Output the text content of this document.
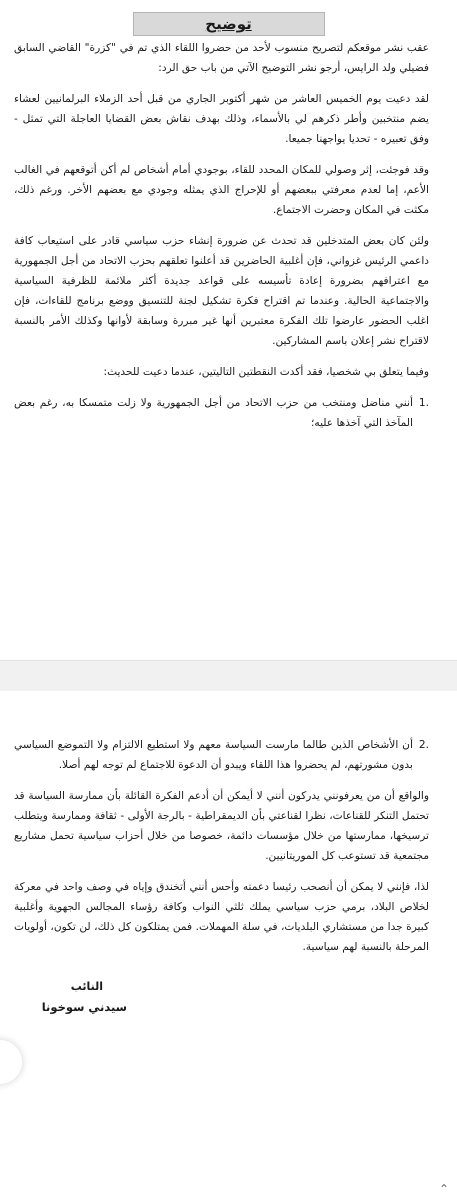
توضيح

عقب نشر موقعكم لتصريح منسوب لأحد من حضروا اللقاء الذي تم في "كزرة" القاضي السابق فضيلي ولد الرايس، أرجو نشر التوضيح الآتي من باب حق الرد:

لقد دعيت يوم الخميس العاشر من شهر أكتوبر الجاري من قبل أحد الزملاء البرلمانيين لعشاء يضم منتخبين وأطر ذكرهم لي بالأسماء، وذلك بهدف نقاش بعض القضايا العاجلة التي تمثل - وفق تعبيره - تحديا يواجهنا جميعا.

وقد فوجئت، إثر وصولي للمكان المحدد للقاء، بوجودي أمام أشخاص لم أكن أتوقعهم في الغالب الأعم، إما لعدم معرفتي ببعضهم أو للإحراج الذي يمثله وجودي مع بعضهم الأخر. ورغم ذلك، مكثت في المكان وحضرت الاجتماع.

ولئن كان بعض المتدخلين قد تحدث عن ضرورة إنشاء حزب سياسي قادر على استيعاب كافة داعمي الرئيس غزواني، فإن أغلبية الحاضرين قد أعلنوا تعلقهم بحزب الاتحاد من أجل الجمهورية مع اعترافهم بضرورة إعادة تأسيسه على قواعد جديدة أكثر ملائمة للظرفية السياسية والاجتماعية الحالية. وعندما تم اقتراح فكرة تشكيل لجنة للتنسيق ووضع برنامج للقاءات، فإن اغلب الحضور عارضوا تلك الفكرة معتبرين أنها غير مبررة وسابقة لأوانها وكذلك الأمر بالنسبة لاقتراح نشر إعلان باسم المشاركين.

وفيما يتعلق بي شخصيا، فقد أكدت النقطتين التاليتين، عندما دعيت للحديث:

1.
أنني مناضل ومنتخب من حزب الاتحاد من أجل الجمهورية ولا زلت متمسكا به، رغم بعض المآخذ التي آخذها عليه؛
2.
أن الأشخاص الذين طالما مارست السياسة معهم ولا استطيع الالتزام ولا التموضع السياسي بدون مشورتهم، لم يحضروا هذا اللقاء ويبدو أن الدعوة للاجتماع لم توجه لهم أصلا.

والواقع أن من يعرفونني يدركون أنني لا أيمكن أن أدعم الفكرة القائلة بأن ممارسة السياسة قد تحتمل التنكر للقناعات، نظرا لقناعتي بأن الديمقراطية - بالرجة الأولى - ثقافة وممارسة ويتطلب ترسيخها، ممارستها من خلال مؤسسات دائمة، خصوصا من خلال أحزاب سياسية تحمل مشاريع مجتمعية قد تستوعب كل الموريتانيين.

لذا، فإنني لا يمكن أن أنصحب رئيسا دعمته وأحس أنني أتخندق وإياه في وصف واحد في معركة لخلاص البلاد، برمي حزب سياسي يملك ثلثي النواب وكافة رؤساء المجالس الجهوية وأغلبية كبيرة جدا من مستشاري البلديات، في سلة المهملات. فمن يمتلكون كل ذلك، لن تكون، أولويات المرحلة بالنسبة لهم سياسية.

النائب
سيدني سوخونا
⌃
